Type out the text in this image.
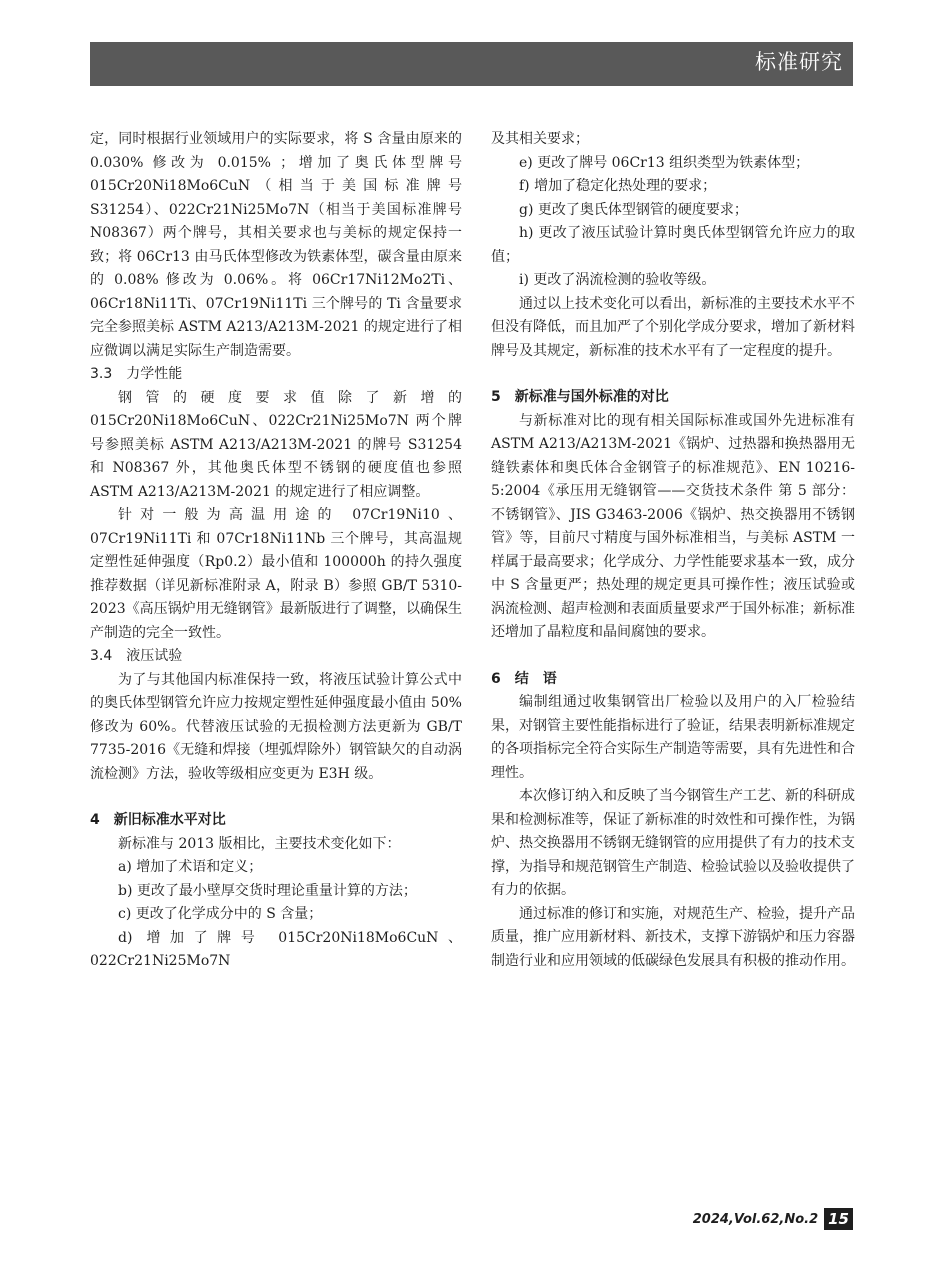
标准研究

定，同时根据行业领域用户的实际要求，将 S 含量由原来的 0.030% 修改为 0.015% ；增加了奥氏体型牌号 015Cr20Ni18Mo6CuN（相当于美国标准牌号 S31254）、022Cr21Ni25Mo7N（相当于美国标准牌号 N08367）两个牌号，其相关要求也与美标的规定保持一致；将 06Cr13 由马氏体型修改为铁素体型，碳含量由原来的 0.08% 修改为 0.06%。将 06Cr17Ni12Mo2Ti、06Cr18Ni11Ti、07Cr19Ni11Ti 三个牌号的 Ti 含量要求完全参照美标 ASTM A213/A213M-2021 的规定进行了相应微调以满足实际生产制造需要。

3.3　力学性能

钢管的硬度要求值除了新增的 015Cr20Ni18Mo6CuN、022Cr21Ni25Mo7N 两个牌号参照美标 ASTM A213/A213M-2021 的牌号 S31254 和 N08367 外，其他奥氏体型不锈钢的硬度值也参照 ASTM A213/A213M-2021 的规定进行了相应调整。

针对一般为高温用途的 07Cr19Ni10、07Cr19Ni11Ti 和 07Cr18Ni11Nb 三个牌号，其高温规定塑性延伸强度（Rp0.2）最小值和 100000h 的持久强度推荐数据（详见新标准附录 A，附录 B）参照 GB/T 5310-2023《高压锅炉用无缝钢管》最新版进行了调整，以确保生产制造的完全一致性。

3.4　液压试验

为了与其他国内标准保持一致，将液压试验计算公式中的奥氏体型钢管允许应力按规定塑性延伸强度最小值由 50% 修改为 60%。代替液压试验的无损检测方法更新为 GB/T 7735-2016《无缝和焊接（埋弧焊除外）钢管缺欠的自动涡流检测》方法，验收等级相应变更为 E3H 级。

4　新旧标准水平对比

新标准与 2013 版相比，主要技术变化如下：

a) 增加了术语和定义；

b) 更改了最小壁厚交货时理论重量计算的方法；

c) 更改了化学成分中的 S 含量；

d) 增加了牌号 015Cr20Ni18Mo6CuN、022Cr21Ni25Mo7N

及其相关要求；

e) 更改了牌号 06Cr13 组织类型为铁素体型；

f) 增加了稳定化热处理的要求；

g) 更改了奥氏体型钢管的硬度要求；

h) 更改了液压试验计算时奥氏体型钢管允许应力的取值；

i) 更改了涡流检测的验收等级。

通过以上技术变化可以看出，新标准的主要技术水平不但没有降低，而且加严了个别化学成分要求，增加了新材料牌号及其规定，新标准的技术水平有了一定程度的提升。

5　新标准与国外标准的对比

与新标准对比的现有相关国际标准或国外先进标准有 ASTM A213/A213M-2021《锅炉、过热器和换热器用无缝铁素体和奥氏体合金钢管子的标准规范》、EN 10216-5:2004《承压用无缝钢管——交货技术条件 第 5 部分：不锈钢管》、JIS G3463-2006《锅炉、热交换器用不锈钢管》等，目前尺寸精度与国外标准相当，与美标 ASTM 一样属于最高要求；化学成分、力学性能要求基本一致，成分中 S 含量更严；热处理的规定更具可操作性；液压试验或涡流检测、超声检测和表面质量要求严于国外标准；新标准还增加了晶粒度和晶间腐蚀的要求。

6　结　语

编制组通过收集钢管出厂检验以及用户的入厂检验结果，对钢管主要性能指标进行了验证，结果表明新标准规定的各项指标完全符合实际生产制造等需要，具有先进性和合理性。

本次修订纳入和反映了当今钢管生产工艺、新的科研成果和检测标准等，保证了新标准的时效性和可操作性，为锅炉、热交换器用不锈钢无缝钢管的应用提供了有力的技术支撑，为指导和规范钢管生产制造、检验试验以及验收提供了有力的依据。

通过标准的修订和实施，对规范生产、检验，提升产品质量，推广应用新材料、新技术，支撑下游锅炉和压力容器制造行业和应用领域的低碳绿色发展具有积极的推动作用。

2024,Vol.62,No.2 15
